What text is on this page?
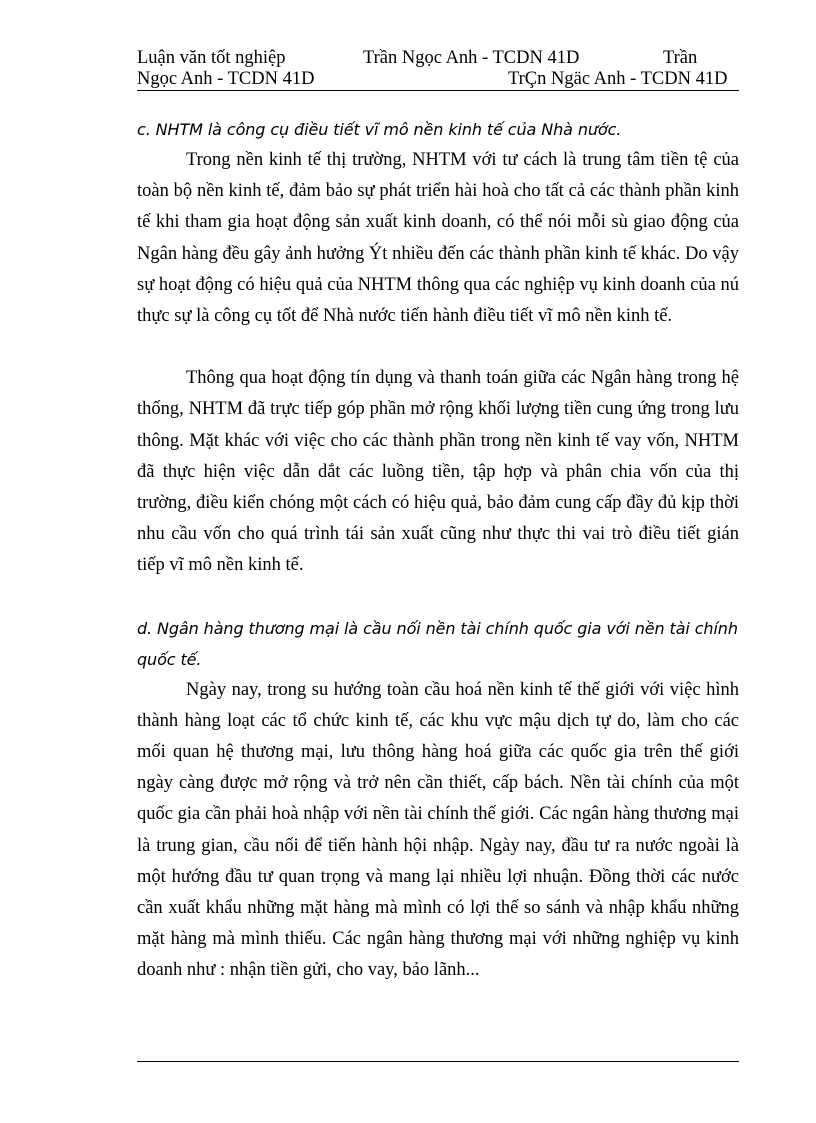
Luận văn tốt nghiệp	Trần Ngọc Anh - TCDN 41D	Trần
Ngọc Anh - TCDN 41D	TrÇn Ngäc Anh - TCDN 41D

c. NHTM là công cụ điều tiết vĩ mô nền kinh tế của Nhà nước.

Trong nền kinh tế thị trường, NHTM với tư cách là trung tâm tiền tệ của toàn bộ nền kinh tế, đảm bảo sự phát triển hài hoà cho tất cả các thành phần kinh tế khi tham gia hoạt động sản xuất kinh doanh, có thể nói mỗi sù giao động của Ngân hàng đều gây ảnh hưởng Ýt nhiều đến các thành phần kinh tế khác. Do vậy sự hoạt động có hiệu quả của NHTM thông qua các nghiệp vụ kinh doanh của nú thực sự là công cụ tốt để Nhà nước tiến hành điều tiết vĩ mô nền kinh tế.

Thông qua hoạt động tín dụng và thanh toán giữa các Ngân hàng trong hệ thống, NHTM đã trực tiếp góp phần mở rộng khối lượng tiền cung ứng trong lưu thông. Mặt khác với việc cho các thành phần trong nền kinh tế vay vốn, NHTM đã thực hiện việc dẫn dắt các luồng tiền, tập hợp và phân chia vốn của thị trường, điều kiển chóng một cách có hiệu quả, bảo đảm cung cấp đầy đủ kịp thời nhu cầu vốn cho quá trình tái sản xuất cũng như thực thi vai trò điều tiết gián tiếp vĩ mô nền kinh tế.

d. Ngân hàng thương mại là cầu nối nền tài chính quốc gia với nền tài chính quốc tế.

Ngày nay, trong su hướng toàn cầu hoá nền kinh tế thế giới với việc hình thành hàng loạt các tổ chức kinh tế, các khu vực mậu dịch tự do, làm cho các mối quan hệ thương mại, lưu thông hàng hoá giữa các quốc gia trên thế giới ngày càng được mở rộng và trở nên cần thiết, cấp bách. Nền tài chính của một quốc gia cần phải hoà nhập với nền tài chính thế giới. Các ngân hàng thương mại là trung gian, cầu nối để tiến hành hội nhập. Ngày nay, đầu tư ra nước ngoài là một hướng đầu tư quan trọng và mang lại nhiều lợi nhuận. Đồng thời các nước cần xuất khẩu những mặt hàng mà mình có lợi thế so sánh và nhập khẩu những mặt hàng mà mình thiếu. Các ngân hàng thương mại với những nghiệp vụ kinh doanh như : nhận tiền gửi, cho vay, bảo lãnh...
